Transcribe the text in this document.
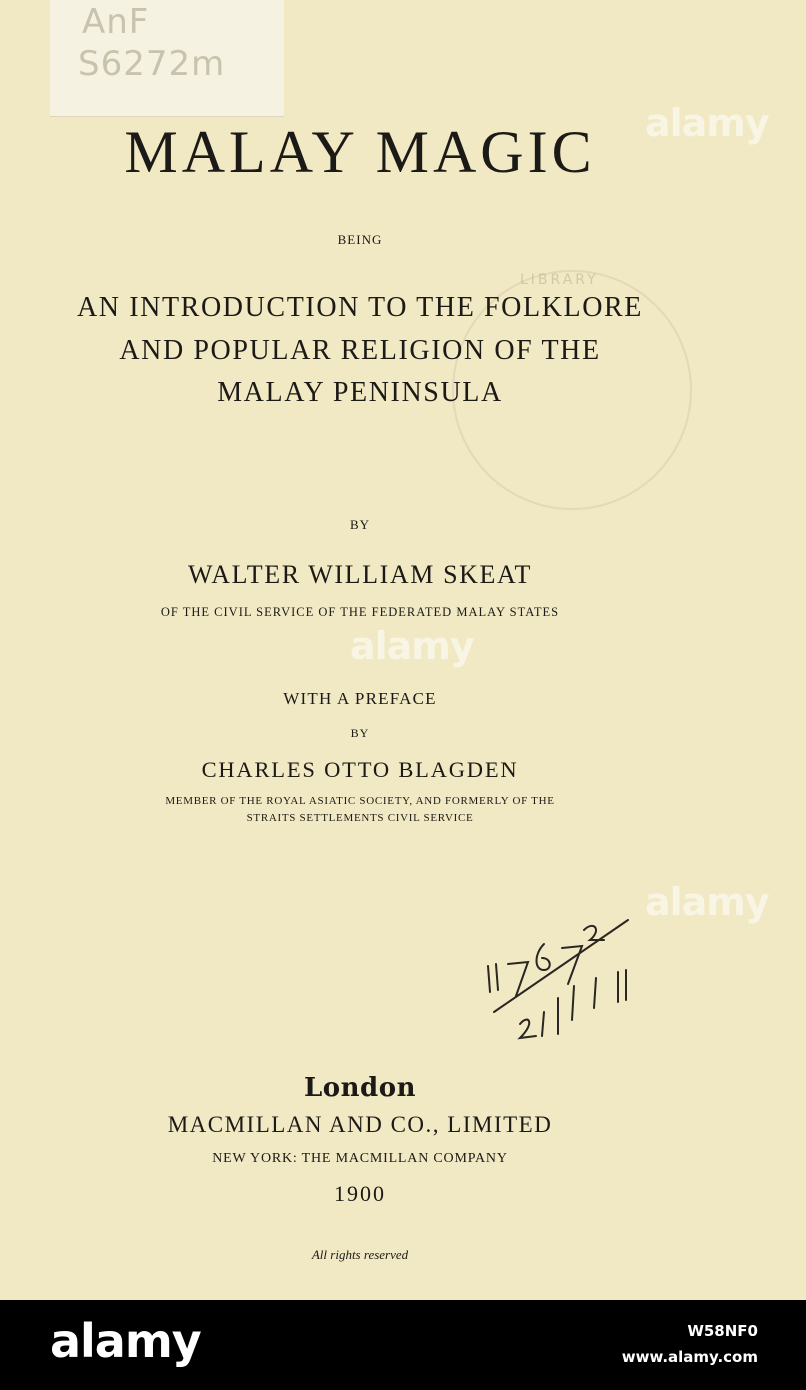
AnF
S6272m
LIBRARY
MALAY MAGIC
BEING
AN INTRODUCTION TO THE FOLKLORE
AND POPULAR RELIGION OF THE
MALAY PENINSULA
BY
WALTER WILLIAM SKEAT
OF THE CIVIL SERVICE OF THE FEDERATED MALAY STATES
WITH A PREFACE
BY
CHARLES OTTO BLAGDEN
MEMBER OF THE ROYAL ASIATIC SOCIETY, AND FORMERLY OF THE
STRAITS SETTLEMENTS CIVIL SERVICE
London
MACMILLAN AND CO., LIMITED
NEW YORK: THE MACMILLAN COMPANY
1900
All rights reserved
alamy
alamy
alamy
alamy	W58NF0
www.alamy.com
